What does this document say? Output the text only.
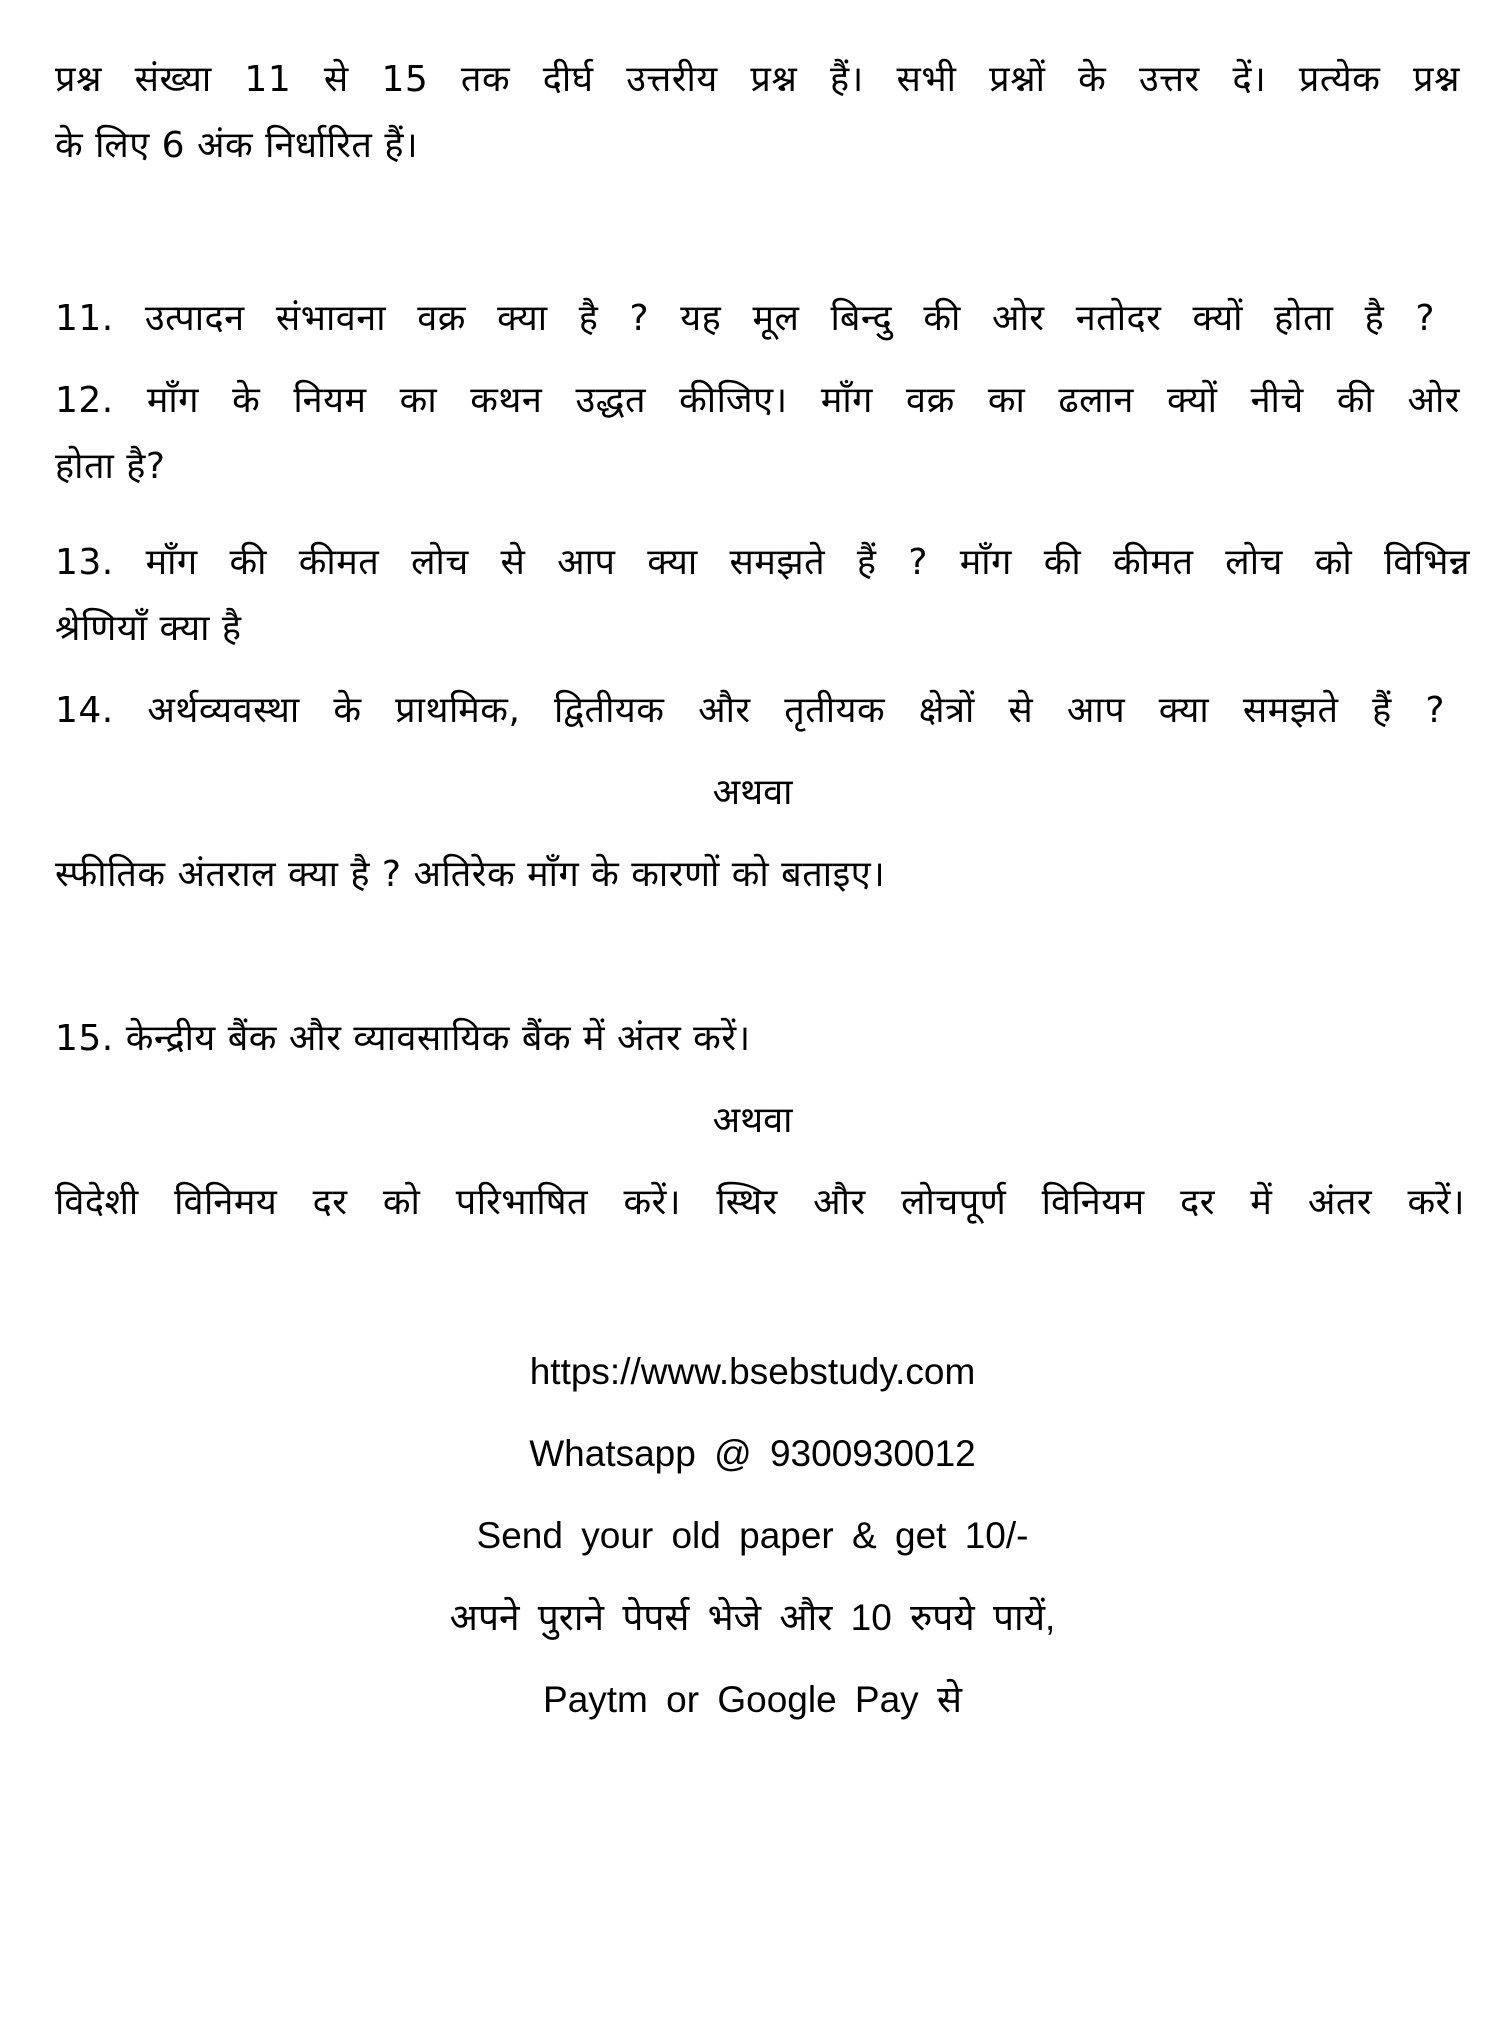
प्रश्न संख्या 11 से 15 तक दीर्घ उत्तरीय प्रश्न हैं। सभी प्रश्नों के उत्तर दें। प्रत्येक प्रश्न
के लिए 6 अंक निर्धारित हैं।
11. उत्पादन संभावना वक्र क्या है ? यह मूल बिन्दु की ओर नतोदर क्यों होता है ?
12. माँग के नियम का कथन उद्धत कीजिए। माँग वक्र का ढलान क्यों नीचे की ओर
होता है?
13. माँग की कीमत लोच से आप क्या समझते हैं ? माँग की कीमत लोच को विभिन्न
श्रेणियाँ क्या है
14. अर्थव्यवस्था के प्राथमिक, द्वितीयक और तृतीयक क्षेत्रों से आप क्या समझते हैं ?
अथवा
स्फीतिक अंतराल क्या है ? अतिरेक माँग के कारणों को बताइए।
15. केन्द्रीय बैंक और व्यावसायिक बैंक में अंतर करें।
अथवा
विदेशी विनिमय दर को परिभाषित करें। स्थिर और लोचपूर्ण विनियम दर में अंतर करें।
https://www.bsebstudy.com
Whatsapp @ 9300930012
Send your old paper & get 10/-
अपने पुराने पेपर्स भेजे और 10 रुपये पायें,
Paytm or Google Pay से
